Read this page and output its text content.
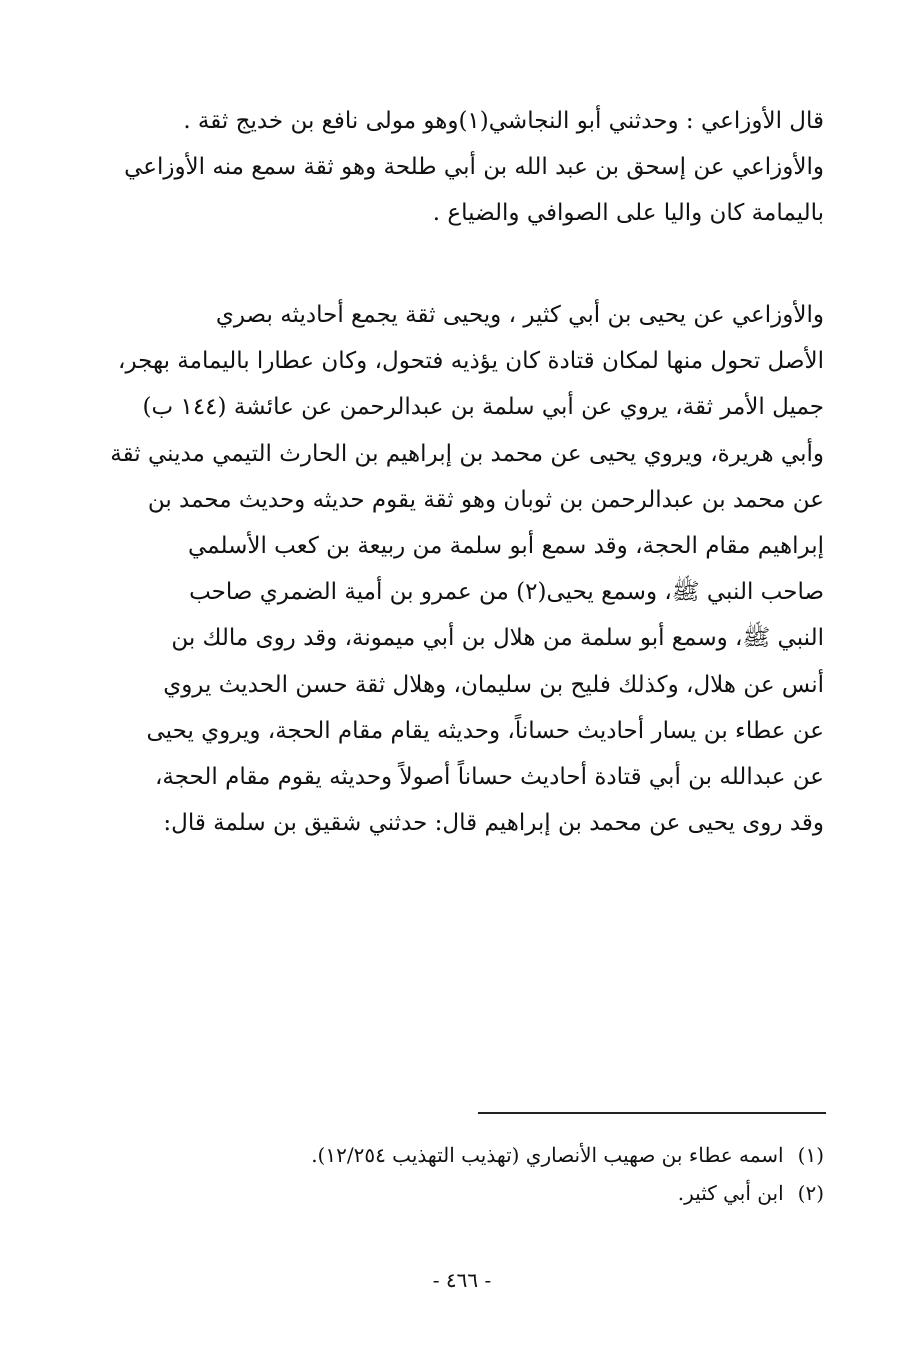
قال الأوزاعي : وحدثني أبو النجاشي(١)وهو مولى نافع بن خديج ثقة .
والأوزاعي عن إسحق بن عبد الله بن أبي طلحة وهو ثقة سمع منه الأوزاعي
باليمامة كان واليا على الصوافي والضياع .
والأوزاعي عن يحيى بن أبي كثير ، ويحيى ثقة يجمع أحاديثه بصري
الأصل تحول منها لمكان قتادة كان يؤذيه فتحول، وكان عطارا باليمامة بهجر،
جميل الأمر ثقة، يروي عن أبي سلمة بن عبدالرحمن عن عائشة (١٤٤ ب)
وأبي هريرة، ويروي يحيى عن محمد بن إبراهيم بن الحارث التيمي مديني ثقة
عن محمد بن عبدالرحمن بن ثوبان وهو ثقة يقوم حديثه وحديث محمد بن
إبراهيم مقام الحجة، وقد سمع أبو سلمة من ربيعة بن كعب الأسلمي
صاحب النبي ﷺ، وسمع يحيى(٢) من عمرو بن أمية الضمري صاحب
النبي ﷺ، وسمع أبو سلمة من هلال بن أبي ميمونة، وقد روى مالك بن
أنس عن هلال، وكذلك فليح بن سليمان، وهلال ثقة حسن الحديث يروي
عن عطاء بن يسار أحاديث حساناً، وحديثه يقام مقام الحجة، ويروي يحيى
عن عبدالله بن أبي قتادة أحاديث حساناً أصولاً وحديثه يقوم مقام الحجة،
وقد روى يحيى عن محمد بن إبراهيم قال: حدثني شقيق بن سلمة قال:
(١)اسمه عطاء بن صهيب الأنصاري (تهذيب التهذيب ١٢/٢٥٤).
(٢)ابن أبي كثير.
- ٤٦٦ -
